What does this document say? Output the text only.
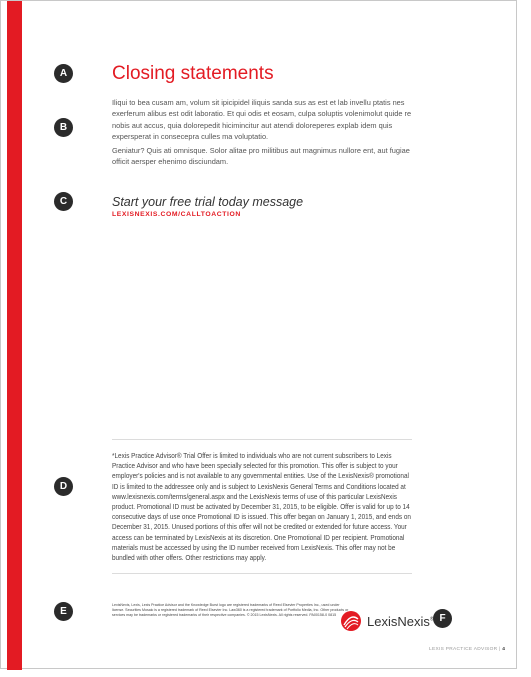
A
B
C
D
E
F
Closing statements

Iliqui to bea cusam am, volum sit ipicipidel iliquis sanda sus as est et lab invellu ptatis nes exerferum alibus est odit laboratio. Et qui odis et eosam, culpa soluptis volenimolut quide re nobis aut accus, quia dolorepedit hicimincitur aut atendi doloreperes explab idem quis expersperat in consecepra culles ma voluptatio.

Geniatur? Quis ati omnisque. Solor alitae pro militibus aut magnimus nullore ent, aut fugiae officit aersper ehenimo disciundam.

Start your free trial today message
LEXISNEXIS.COM/CALLTOACTION

*Lexis Practice Advisor® Trial Offer is limited to individuals who are not current subscribers to Lexis Practice Advisor and who have been specially selected for this promotion. This offer is subject to your employer's policies and is not available to any governmental entities. Use of the LexisNexis® promotional ID is limited to the addressee only and is subject to LexisNexis General Terms and Conditions located at www.lexisnexis.com/terms/general.aspx and the LexisNexis terms of use of this particular LexisNexis product. Promotional ID must be activated by December 31, 2015, to be eligible. Offer is valid for up to 14 consecutive days of use once Promotional ID is issued. This offer began on January 1, 2015, and ends on December 31, 2015. Unused portions of this offer will not be credited or extended for future access. Your access can be terminated by LexisNexis at its discretion. One Promotional ID per recipient. Promotional materials must be accessed by using the ID number received from LexisNexis. This offer may not be bundled with other offers. Other restrictions may apply.

LexisNexis, Lexis, Lexis Practice Advisor and the Knowledge Burst logo are registered trademarks of Reed Elsevier Properties Inc., used under license. Securities Mosaic is a registered trademark of Reed Elsevier Inc. Law360 is a registered trademark of Portfolio Media, Inc. Other products or services may be trademarks or registered trademarks of their respective companies. © 2015 LexisNexis. All rights reserved. PA00158-0 0815	LexisNexis®
LEXIS PRACTICE ADVISOR | 4
